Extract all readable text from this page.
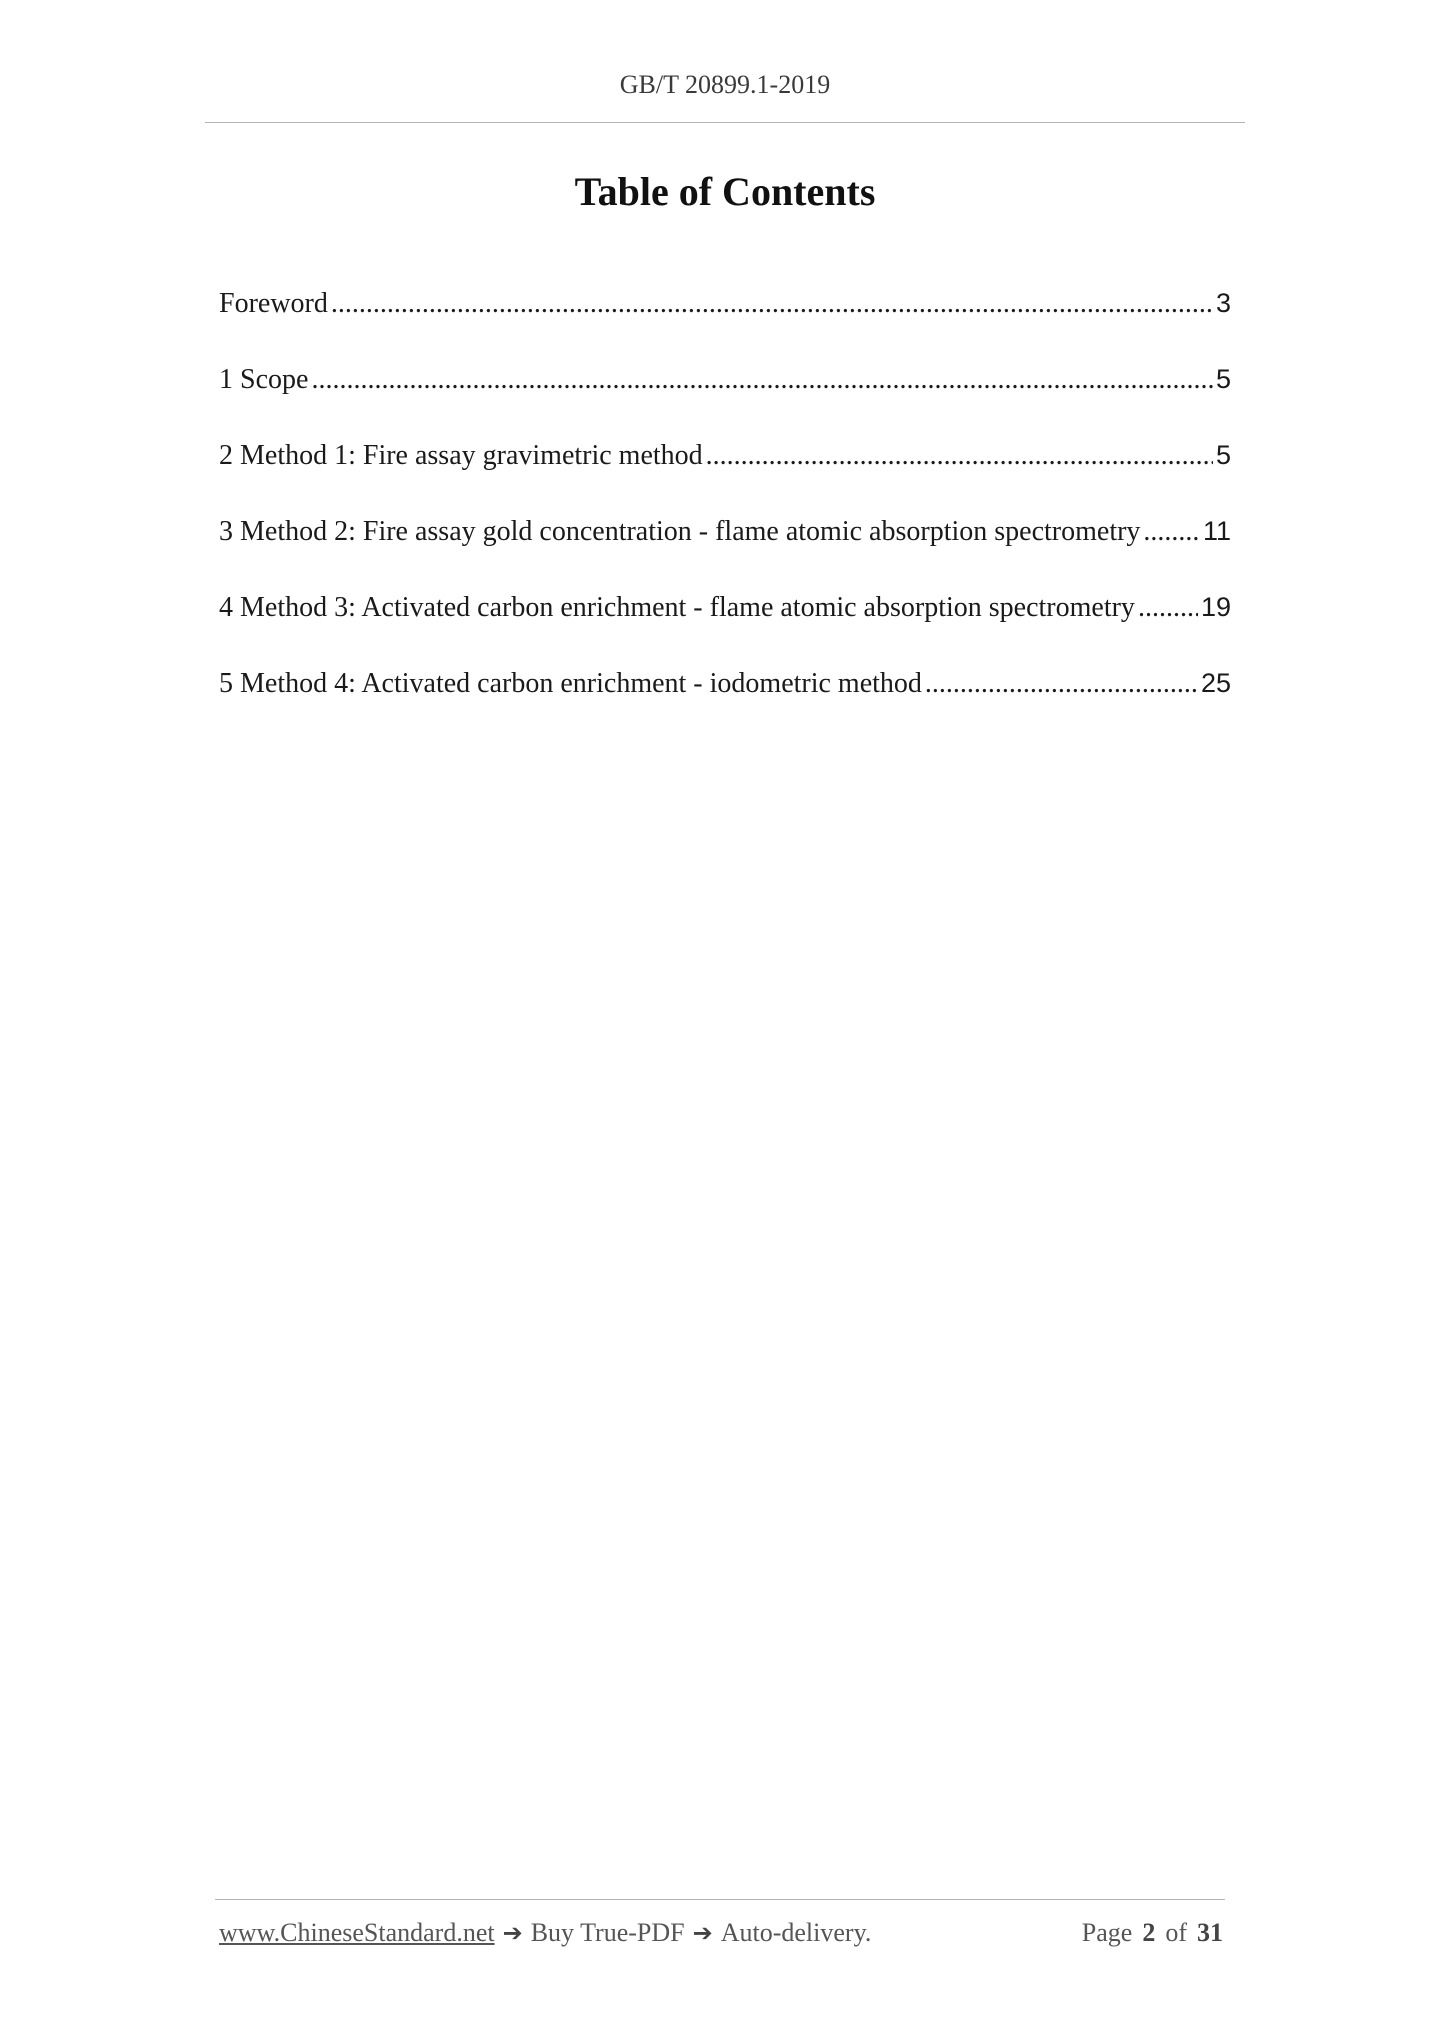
GB/T 20899.1-2019
Table of Contents
Foreword .....	3
1 Scope .....	5
2 Method 1: Fire assay gravimetric method .....	5
3 Method 2: Fire assay gold concentration - flame atomic absorption spectrometry ..... 11
4 Method 3: Activated carbon enrichment - flame atomic absorption spectrometry ..... 19
5 Method 4: Activated carbon enrichment - iodometric method .....	25
www.ChineseStandard.net ➔ Buy True-PDF ➔ Auto-delivery.	Page 2 of 31
